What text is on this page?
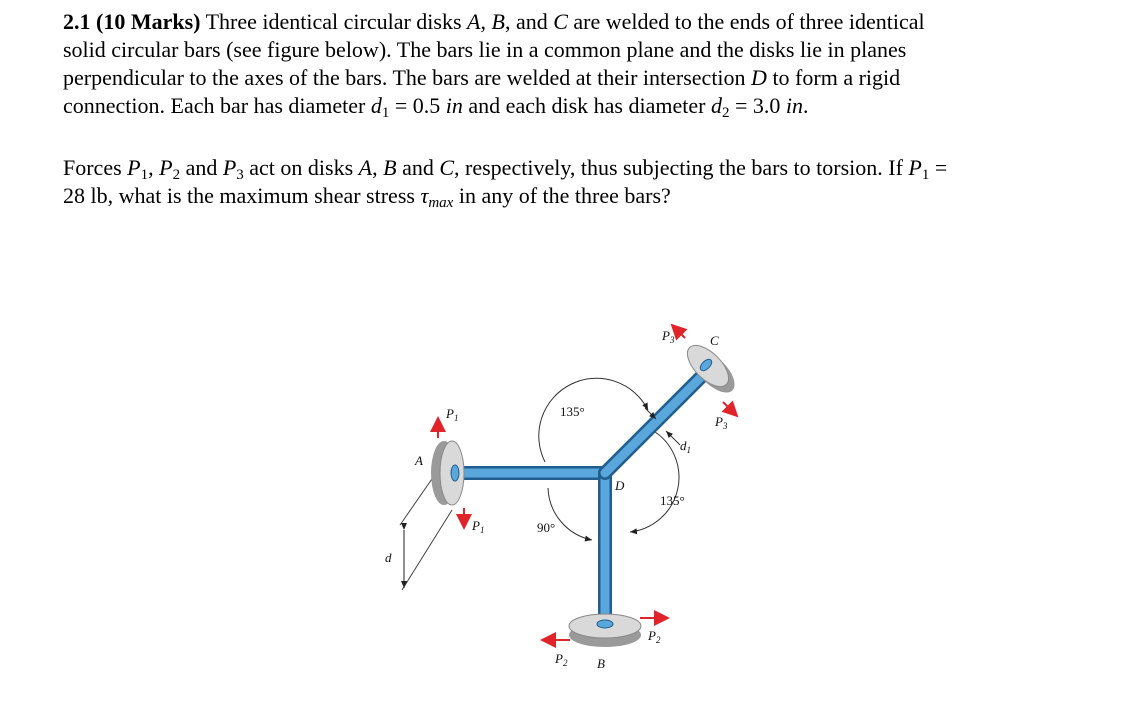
2.1 (10 Marks) Three identical circular disks A, B, and C are welded to the ends of three identical
solid circular bars (see figure below). The bars lie in a common plane and the disks lie in planes
perpendicular to the axes of the bars. The bars are welded at their intersection D to form a rigid
connection. Each bar has diameter $d_1 = 0.5$ in and each disk has diameter $d_2 = 3.0$ in.
Forces $P_1$, $P_2$ and $P_3$ act on disks A, B and C, respectively, thus subjecting the bars to torsion. If $P_1$ =
28 lb, what is the maximum shear stress $\tau_{max}$ in any of the three bars?
d
135°
135°
90°
D
A
B
C
$P_1$
$P_1$
$P_2$
$P_2$
$P_3$
$P_3$
$d_1$
